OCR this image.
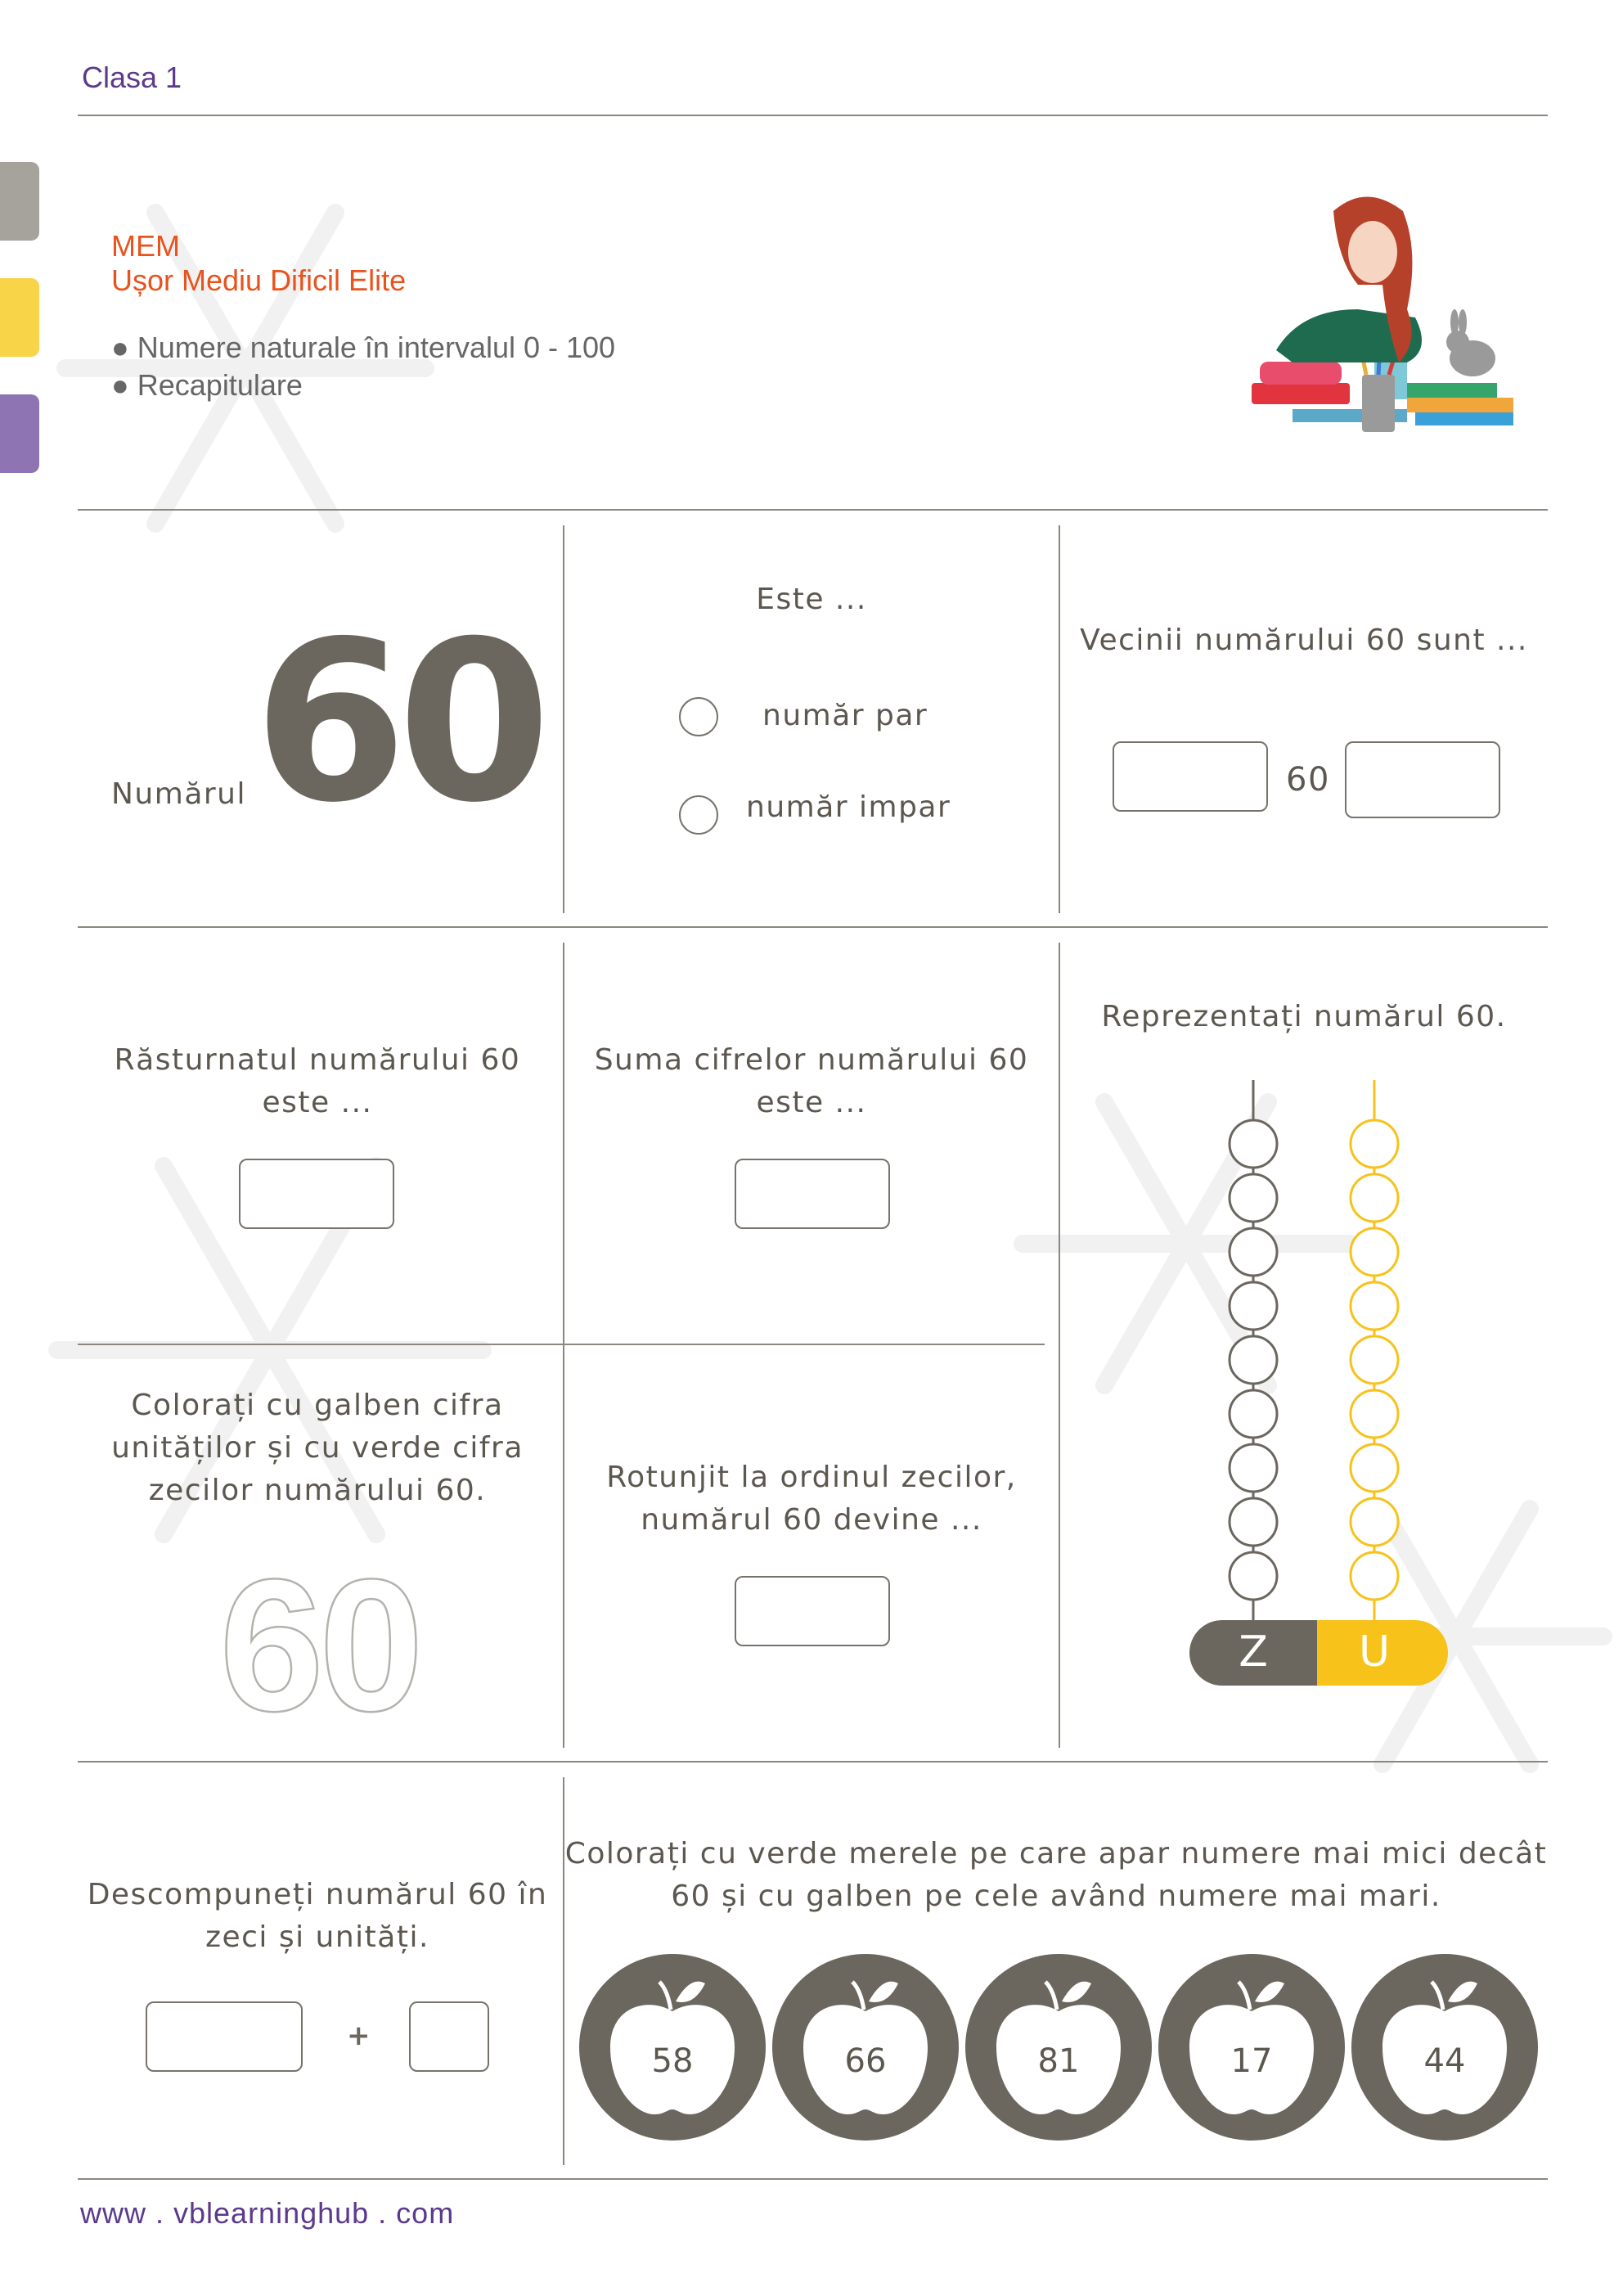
Clasa 1
MEM
Ușor Mediu Dificil Elite
● Numere naturale în intervalul 0 - 100
● Recapitulare
Numărul 60	Este ...
număr par
număr impar
Vecinii numărului 60 sunt ...
60
Răsturnatul numărului 60
este ...
Suma cifrelor numărului 60
este ...
Reprezentați numărul 60.
Z U
Colorați cu galben cifra
unităților și cu verde cifra
zecilor numărului 60.
60
Rotunjit la ordinul zecilor,
numărul 60 devine ...
Descompuneți numărul 60 în
zeci și unități.
+
Colorați cu verde merele pe care apar numere mai mici decât
60 și cu galben pe cele având numere mai mari.
58	66	81	17	44
www . vblearninghub . com
